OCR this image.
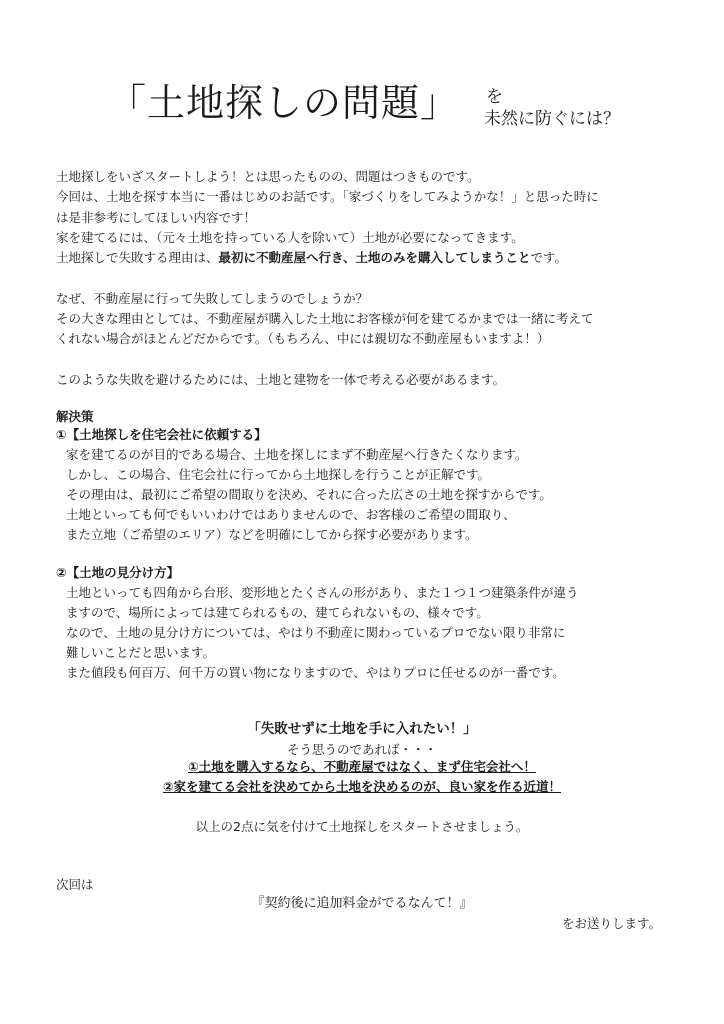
「土地探しの問題」 を
未然に防ぐには？
土地探しをいざスタートしよう！とは思ったものの、問題はつきものです。
今回は、土地を探す本当に一番はじめのお話です。「家づくりをしてみようかな！」と思った時に
は是非参考にしてほしい内容です！
家を建てるには、（元々土地を持っている人を除いて）土地が必要になってきます。
土地探しで失敗する理由は、最初に不動産屋へ行き、土地のみを購入してしまうことです。
なぜ、不動産屋に行って失敗してしまうのでしょうか？
その大きな理由としては、不動産屋が購入した土地にお客様が何を建てるかまでは一緒に考えて
くれない場合がほとんどだからです。（もちろん、中には親切な不動産屋もいますよ！）
このような失敗を避けるためには、土地と建物を一体で考える必要があるます。
解決策
①【土地探しを住宅会社に依頼する】
家を建てるのが目的である場合、土地を探しにまず不動産屋へ行きたくなります。
しかし、この場合、住宅会社に行ってから土地探しを行うことが正解です。
その理由は、最初にご希望の間取りを決め、それに合った広さの土地を探すからです。
土地といっても何でもいいわけではありませんので、お客様のご希望の間取り、
また立地（ご希望のエリア）などを明確にしてから探す必要があります。
②【土地の見分け方】
土地といっても四角から台形、変形地とたくさんの形があり、また１つ１つ建築条件が違う
ますので、場所によっては建てられるもの、建てられないもの、様々です。
なので、土地の見分け方については、やはり不動産に関わっているプロでない限り非常に
難しいことだと思います。
また値段も何百万、何千万の買い物になりますので、やはりプロに任せるのが一番です。
「失敗せずに土地を手に入れたい！」
そう思うのであれば・・・
①土地を購入するなら、不動産屋ではなく、まず住宅会社へ！
②家を建てる会社を決めてから土地を決めるのが、良い家を作る近道！
以上の2点に気を付けて土地探しをスタートさせましょう。
次回は
『契約後に追加料金がでるなんて！』
をお送りします。
